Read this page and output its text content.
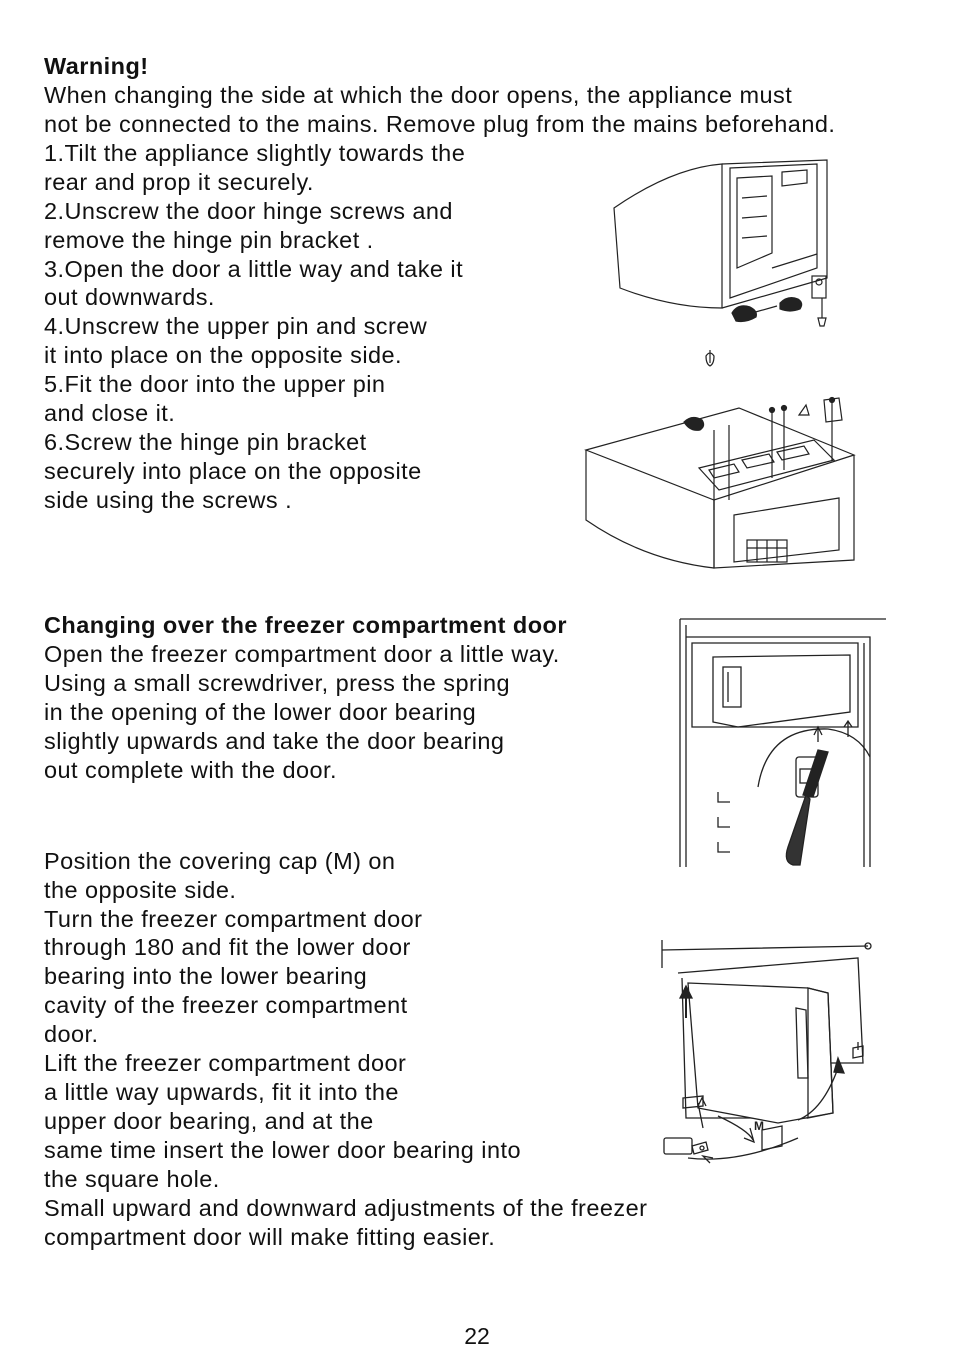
Warning!
When changing the side at which the door opens, the appliance must
not be connected to the mains. Remove plug from the mains beforehand.
1.Tilt the appliance slightly towards the
rear and prop it securely.
2.Unscrew the door hinge screws and
remove the hinge pin bracket .
3.Open the door a little way and take it
out downwards.
4.Unscrew the upper pin and screw
it into place on the opposite side.
5.Fit the door into the upper pin
and close it.
6.Screw the hinge pin bracket
securely into place on the opposite
side using the screws .
Changing over the freezer compartment door
Open the freezer compartment door a little way.
Using a small screwdriver, press the spring
in the opening of the lower door bearing
slightly upwards and take the door bearing
out complete with the door.
Position the covering cap (M) on
the opposite side.
Turn the freezer compartment door
through 180 and fit the lower door
bearing into the lower bearing
cavity of the freezer compartment
door.
Lift the freezer compartment door
a little way upwards, fit it into the
upper door bearing, and at the
same time insert the lower door bearing into
the square hole.
Small upward and downward adjustments of the freezer
compartment door will make fitting easier.
M
22
